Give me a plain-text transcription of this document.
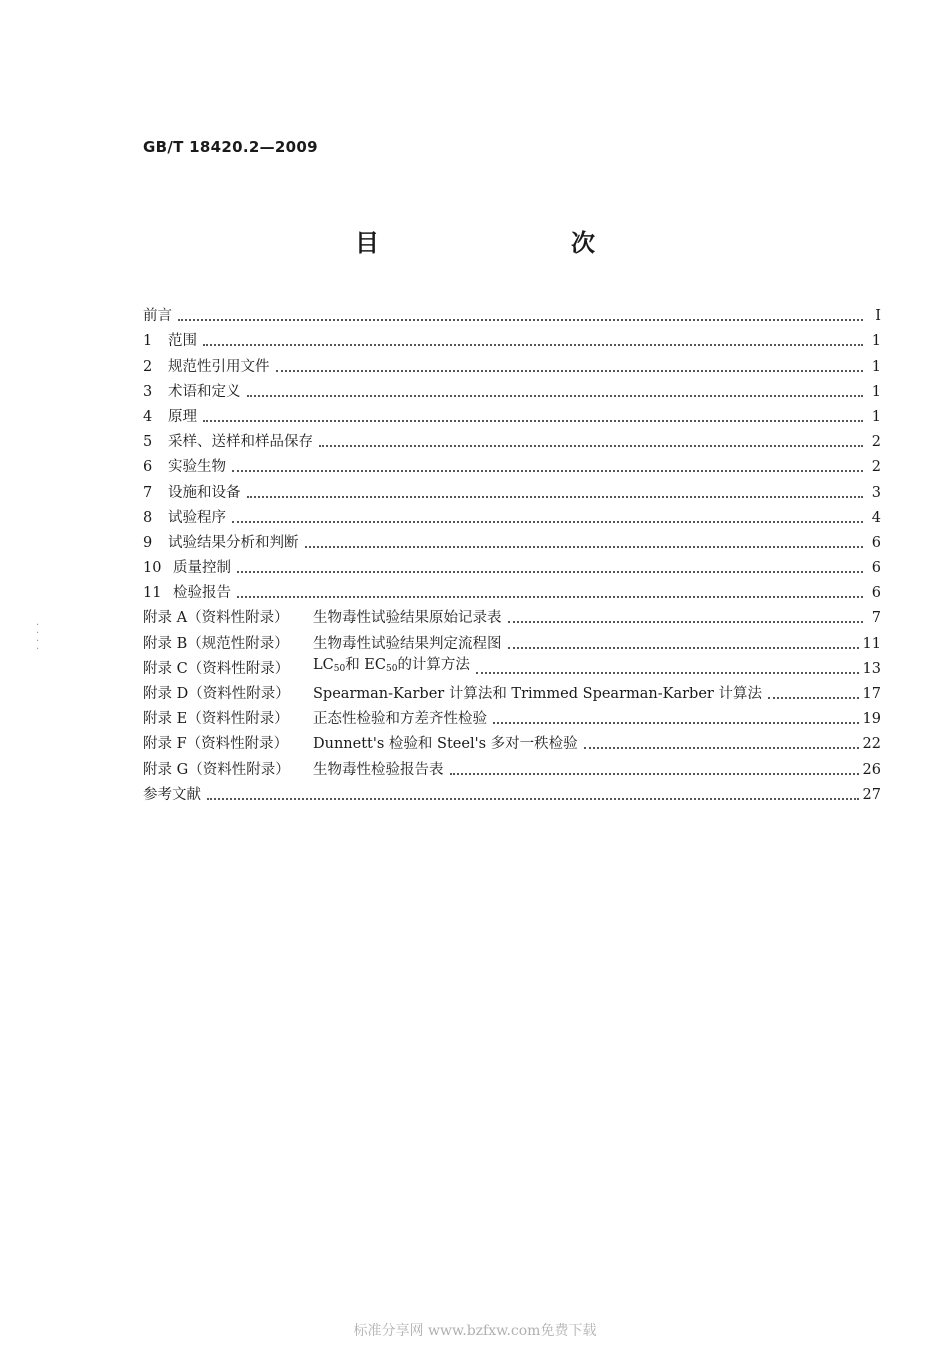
GB/T 18420.2—2009
目　　次
前言	Ⅰ
1	范围	1
2	规范性引用文件	1
3	术语和定义	1
4	原理	1
5	采样、送样和样品保存	2
6	实验生物	2
7	设施和设备	3
8	试验程序	4
9	试验结果分析和判断	6
10 质量控制	6
11 检验报告	6
附录 A（资料性附录）	生物毒性试验结果原始记录表	7
附录 B（规范性附录）	生物毒性试验结果判定流程图	11
附录 C（资料性附录）	$LC_{50}$和 $EC_{50}$的计算方法	13
附录 D（资料性附录）	Spearman-Karber 计算法和 Trimmed Spearman-Karber 计算法	17
附录 E（资料性附录）	正态性检验和方差齐性检验	19
附录 F（资料性附录）	Dunnett's 检验和 Steel's 多对一秩检验	22
附录 G（资料性附录）	生物毒性检验报告表	26
参考文献	27
·
·
·
·
标准分享网 www.bzfxw.com免费下载
